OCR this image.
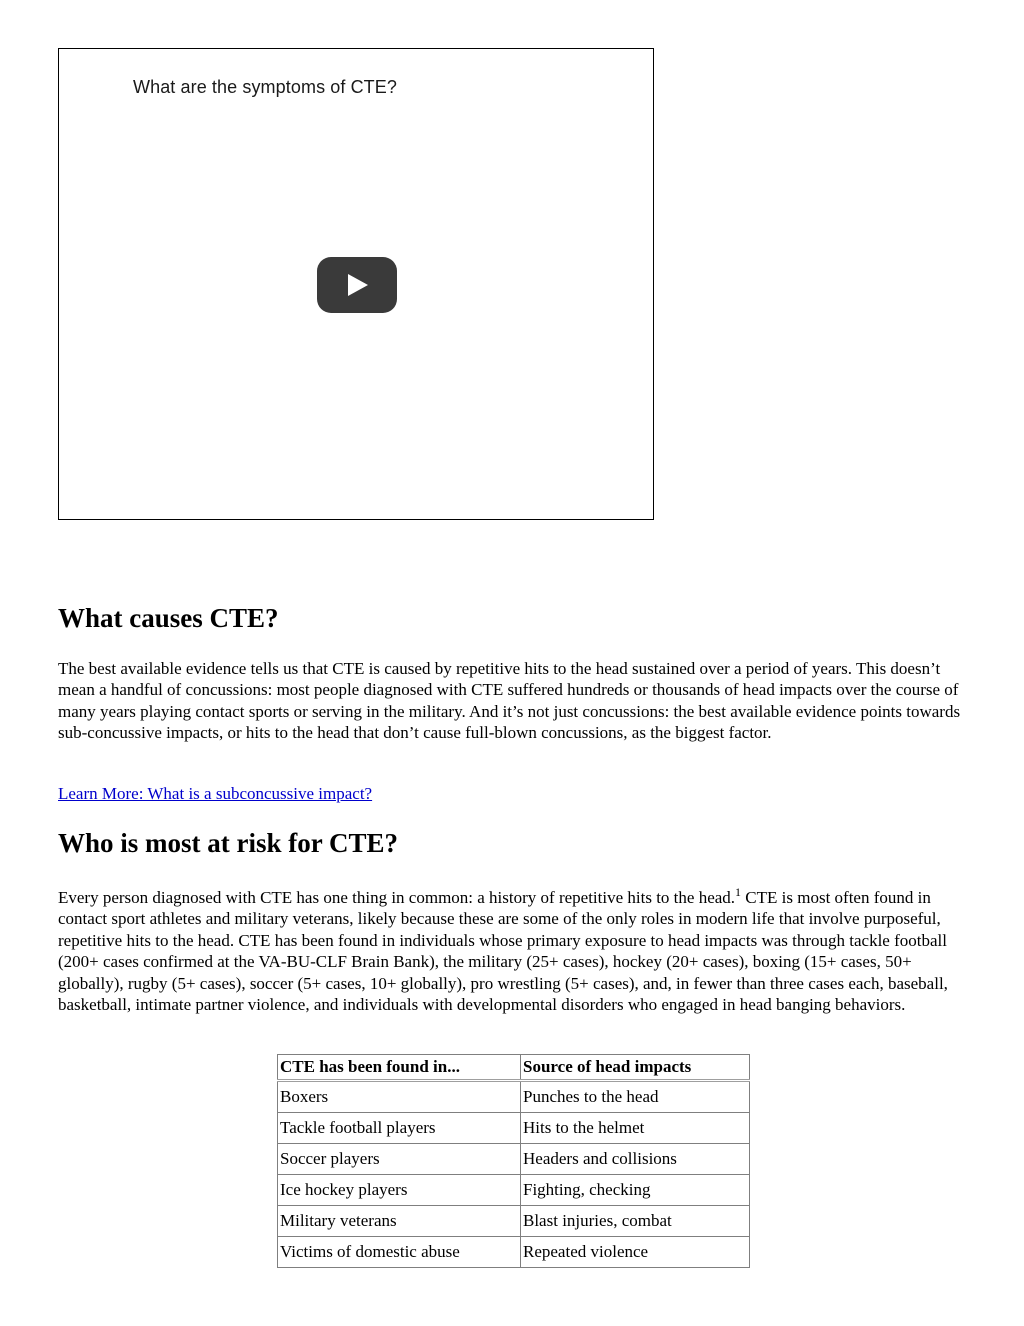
What are the symptoms of CTE?
What causes CTE?

The best available evidence tells us that CTE is caused by repetitive hits to the head sustained over a period of years. This doesn’t mean a handful of concussions: most people diagnosed with CTE suffered hundreds or thousands of head impacts over the course of many years playing contact sports or serving in the military. And it’s not just concussions: the best available evidence points towards sub-concussive impacts, or hits to the head that don’t cause full-blown concussions, as the biggest factor.

Learn More: What is a subconcussive impact?
Who is most at risk for CTE?

Every person diagnosed with CTE has one thing in common: a history of repetitive hits to the head.$^1$ CTE is most often found in contact sport athletes and military veterans, likely because these are some of the only roles in modern life that involve purposeful, repetitive hits to the head. CTE has been found in individuals whose primary exposure to head impacts was through tackle football (200+ cases confirmed at the VA-BU-CLF Brain Bank), the military (25+ cases), hockey (20+ cases), boxing (15+ cases, 50+ globally), rugby (5+ cases), soccer (5+ cases, 10+ globally), pro wrestling (5+ cases), and, in fewer than three cases each, baseball, basketball, intimate partner violence, and individuals with developmental disorders who engaged in head banging behaviors.

CTE has been found in...	Source of head impacts
Boxers	Punches to the head
Tackle football players	Hits to the helmet
Soccer players	Headers and collisions
Ice hockey players	Fighting, checking
Military veterans	Blast injuries, combat
Victims of domestic abuse	Repeated violence
